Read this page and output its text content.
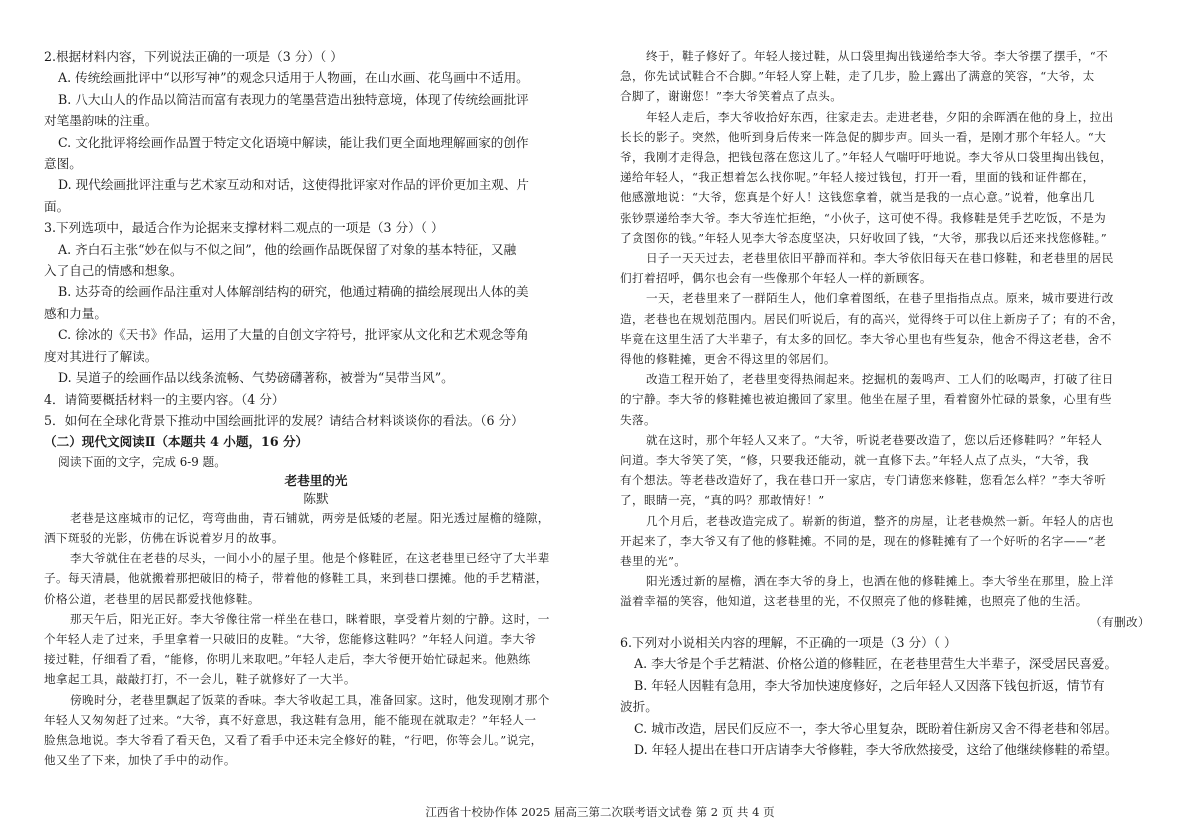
2.根据材料内容，下列说法正确的一项是（3 分）（ ）
A. 传统绘画批评中“以形写神”的观念只适用于人物画，在山水画、花鸟画中不适用。
B. 八大山人的作品以简洁而富有表现力的笔墨营造出独特意境，体现了传统绘画批评
对笔墨韵味的注重。
C. 文化批评将绘画作品置于特定文化语境中解读，能让我们更全面地理解画家的创作
意图。
D. 现代绘画批评注重与艺术家互动和对话，这使得批评家对作品的评价更加主观、片
面。
3.下列选项中，最适合作为论据来支撑材料二观点的一项是（3 分）（ ）
A. 齐白石主张“妙在似与不似之间”，他的绘画作品既保留了对象的基本特征，又融
入了自己的情感和想象。
B. 达芬奇的绘画作品注重对人体解剖结构的研究，他通过精确的描绘展现出人体的美
感和力量。
C. 徐冰的《天书》作品，运用了大量的自创文字符号，批评家从文化和艺术观念等角
度对其进行了解读。
D. 吴道子的绘画作品以线条流畅、气势磅礴著称，被誉为“吴带当风”。
4．请简要概括材料一的主要内容。（4 分）
5．如何在全球化背景下推动中国绘画批评的发展？请结合材料谈谈你的看法。（6 分）
（二）现代文阅读Ⅱ（本题共 4 小题，16 分）
阅读下面的文字，完成 6-9 题。
老巷里的光
陈默
老巷是这座城市的记忆，弯弯曲曲，青石铺就，两旁是低矮的老屋。阳光透过屋檐的缝隙，
洒下斑驳的光影，仿佛在诉说着岁月的故事。
李大爷就住在老巷的尽头，一间小小的屋子里。他是个修鞋匠，在这老巷里已经守了大半辈
子。每天清晨，他就搬着那把破旧的椅子，带着他的修鞋工具，来到巷口摆摊。他的手艺精湛，
价格公道，老巷里的居民都爱找他修鞋。
那天午后，阳光正好。李大爷像往常一样坐在巷口，眯着眼，享受着片刻的宁静。这时，一
个年轻人走了过来，手里拿着一只破旧的皮鞋。“大爷，您能修这鞋吗？”年轻人问道。李大爷
接过鞋，仔细看了看，“能修，你明儿来取吧。”年轻人走后，李大爷便开始忙碌起来。他熟练
地拿起工具，敲敲打打，不一会儿，鞋子就修好了一大半。
傍晚时分，老巷里飘起了饭菜的香味。李大爷收起工具，准备回家。这时，他发现刚才那个
年轻人又匆匆赶了过来。“大爷，真不好意思，我这鞋有急用，能不能现在就取走？”年轻人一
脸焦急地说。李大爷看了看天色，又看了看手中还未完全修好的鞋，“行吧，你等会儿。”说完，
他又坐了下来，加快了手中的动作。
终于，鞋子修好了。年轻人接过鞋，从口袋里掏出钱递给李大爷。李大爷摆了摆手，“不
急，你先试试鞋合不合脚。”年轻人穿上鞋，走了几步，脸上露出了满意的笑容，“大爷，太
合脚了，谢谢您！”李大爷笑着点了点头。
年轻人走后，李大爷收拾好东西，往家走去。走进老巷，夕阳的余晖洒在他的身上，拉出
长长的影子。突然，他听到身后传来一阵急促的脚步声。回头一看，是刚才那个年轻人。“大
爷，我刚才走得急，把钱包落在您这儿了。”年轻人气喘吁吁地说。李大爷从口袋里掏出钱包，
递给年轻人，“我正想着怎么找你呢。”年轻人接过钱包，打开一看，里面的钱和证件都在，
他感激地说：“大爷，您真是个好人！这钱您拿着，就当是我的一点心意。”说着，他拿出几
张钞票递给李大爷。李大爷连忙拒绝，“小伙子，这可使不得。我修鞋是凭手艺吃饭，不是为
了贪图你的钱。”年轻人见李大爷态度坚决，只好收回了钱，“大爷，那我以后还来找您修鞋。”
日子一天天过去，老巷里依旧平静而祥和。李大爷依旧每天在巷口修鞋，和老巷里的居民
们打着招呼，偶尔也会有一些像那个年轻人一样的新顾客。
一天，老巷里来了一群陌生人，他们拿着图纸，在巷子里指指点点。原来，城市要进行改
造，老巷也在规划范围内。居民们听说后，有的高兴，觉得终于可以住上新房子了；有的不舍，
毕竟在这里生活了大半辈子，有太多的回忆。李大爷心里也有些复杂，他舍不得这老巷，舍不
得他的修鞋摊，更舍不得这里的邻居们。
改造工程开始了，老巷里变得热闹起来。挖掘机的轰鸣声、工人们的吆喝声，打破了往日
的宁静。李大爷的修鞋摊也被迫搬回了家里。他坐在屋子里，看着窗外忙碌的景象，心里有些
失落。
就在这时，那个年轻人又来了。“大爷，听说老巷要改造了，您以后还修鞋吗？”年轻人
问道。李大爷笑了笑，“修，只要我还能动，就一直修下去。”年轻人点了点头，“大爷，我
有个想法。等老巷改造好了，我在巷口开一家店，专门请您来修鞋，您看怎么样？”李大爷听
了，眼睛一亮，“真的吗？那敢情好！”
几个月后，老巷改造完成了。崭新的街道，整齐的房屋，让老巷焕然一新。年轻人的店也
开起来了，李大爷又有了他的修鞋摊。不同的是，现在的修鞋摊有了一个好听的名字——“老
巷里的光”。
阳光透过新的屋檐，洒在李大爷的身上，也洒在他的修鞋摊上。李大爷坐在那里，脸上洋
溢着幸福的笑容，他知道，这老巷里的光，不仅照亮了他的修鞋摊，也照亮了他的生活。
（有删改）
6.下列对小说相关内容的理解，不正确的一项是（3 分）（ ）
A. 李大爷是个手艺精湛、价格公道的修鞋匠，在老巷里营生大半辈子，深受居民喜爱。
B. 年轻人因鞋有急用，李大爷加快速度修好，之后年轻人又因落下钱包折返，情节有
波折。
C. 城市改造，居民们反应不一，李大爷心里复杂，既盼着住新房又舍不得老巷和邻居。
D. 年轻人提出在巷口开店请李大爷修鞋，李大爷欣然接受，这给了他继续修鞋的希望。
江西省十校协作体 2025 届高三第二次联考语文试卷 第 2 页 共 4 页
